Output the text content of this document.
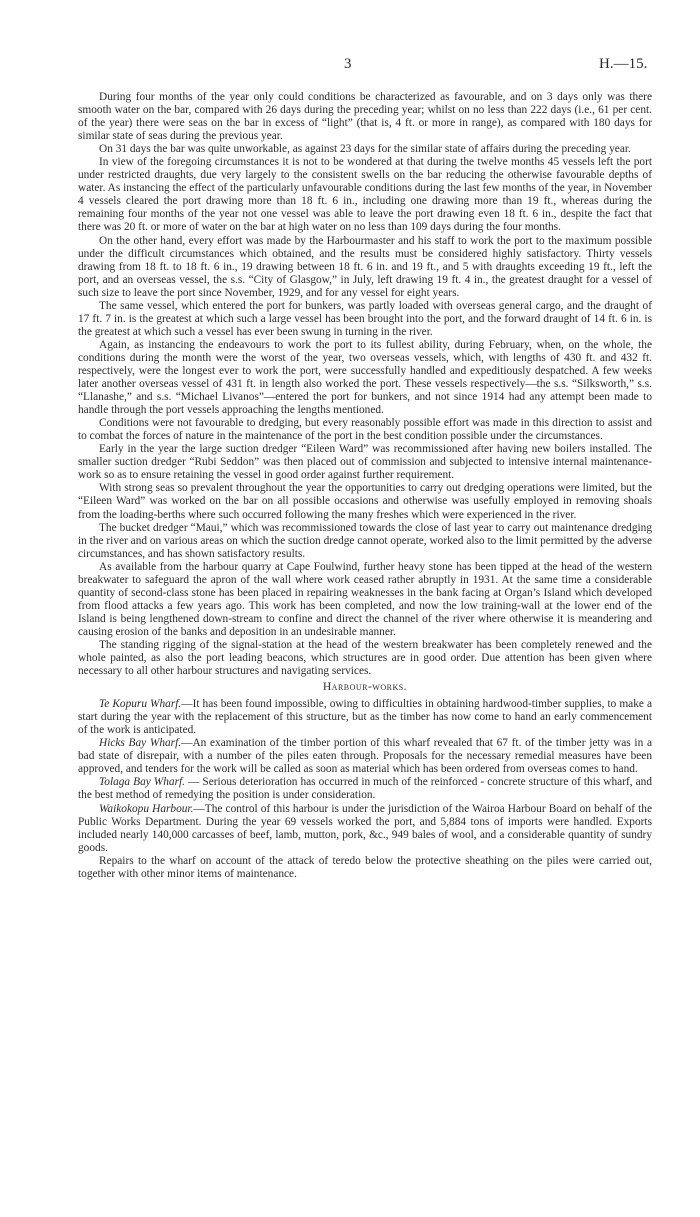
3	H.—15.

During four months of the year only could conditions be characterized as favourable, and on 3 days only was there smooth water on the bar, compared with 26 days during the preceding year; whilst on no less than 222 days (i.e., 61 per cent. of the year) there were seas on the bar in excess of “light” (that is, 4 ft. or more in range), as compared with 180 days for similar state of seas during the previous year.

On 31 days the bar was quite unworkable, as against 23 days for the similar state of affairs during the preceding year.

In view of the foregoing circumstances it is not to be wondered at that during the twelve months 45 vessels left the port under restricted draughts, due very largely to the consistent swells on the bar reducing the otherwise favourable depths of water. As instancing the effect of the particularly unfavourable conditions during the last few months of the year, in November 4 vessels cleared the port drawing more than 18 ft. 6 in., including one drawing more than 19 ft., whereas during the remaining four months of the year not one vessel was able to leave the port drawing even 18 ft. 6 in., despite the fact that there was 20 ft. or more of water on the bar at high water on no less than 109 days during the four months.

On the other hand, every effort was made by the Harbourmaster and his staff to work the port to the maximum possible under the difficult circumstances which obtained, and the results must be considered highly satisfactory. Thirty vessels drawing from 18 ft. to 18 ft. 6 in., 19 drawing between 18 ft. 6 in. and 19 ft., and 5 with draughts exceeding 19 ft., left the port, and an overseas vessel, the s.s. “City of Glasgow,” in July, left drawing 19 ft. 4 in., the greatest draught for a vessel of such size to leave the port since November, 1929, and for any vessel for eight years.

The same vessel, which entered the port for bunkers, was partly loaded with overseas general cargo, and the draught of 17 ft. 7 in. is the greatest at which such a large vessel has been brought into the port, and the forward draught of 14 ft. 6 in. is the greatest at which such a vessel has ever been swung in turning in the river.

Again, as instancing the endeavours to work the port to its fullest ability, during February, when, on the whole, the conditions during the month were the worst of the year, two overseas vessels, which, with lengths of 430 ft. and 432 ft. respectively, were the longest ever to work the port, were successfully handled and expeditiously despatched. A few weeks later another overseas vessel of 431 ft. in length also worked the port. These vessels respectively—the s.s. “Silksworth,” s.s. “Llanashe,” and s.s. “Michael Livanos”—entered the port for bunkers, and not since 1914 had any attempt been made to handle through the port vessels approaching the lengths mentioned.

Conditions were not favourable to dredging, but every reasonably possible effort was made in this direction to assist and to combat the forces of nature in the maintenance of the port in the best condition possible under the circumstances.

Early in the year the large suction dredger “Eileen Ward” was recommissioned after having new boilers installed. The smaller suction dredger “Rubi Seddon” was then placed out of commission and subjected to intensive internal maintenance-work so as to ensure retaining the vessel in good order against further requirement.

With strong seas so prevalent throughout the year the opportunities to carry out dredging operations were limited, but the “Eileen Ward” was worked on the bar on all possible occasions and otherwise was usefully employed in removing shoals from the loading-berths where such occurred following the many freshes which were experienced in the river.

The bucket dredger “Maui,” which was recommissioned towards the close of last year to carry out maintenance dredging in the river and on various areas on which the suction dredge cannot operate, worked also to the limit permitted by the adverse circumstances, and has shown satisfactory results.

As available from the harbour quarry at Cape Foulwind, further heavy stone has been tipped at the head of the western breakwater to safeguard the apron of the wall where work ceased rather abruptly in 1931. At the same time a considerable quantity of second-class stone has been placed in repairing weaknesses in the bank facing at Organ’s Island which developed from flood attacks a few years ago. This work has been completed, and now the low training-wall at the lower end of the Island is being lengthened down-stream to confine and direct the channel of the river where otherwise it is meandering and causing erosion of the banks and deposition in an undesirable manner.

The standing rigging of the signal-station at the head of the western breakwater has been completely renewed and the whole painted, as also the port leading beacons, which structures are in good order. Due attention has been given where necessary to all other harbour structures and navigating services.

Harbour-works.

Te Kopuru Wharf.—It has been found impossible, owing to difficulties in obtaining hardwood-timber supplies, to make a start during the year with the replacement of this structure, but as the timber has now come to hand an early commencement of the work is anticipated.

Hicks Bay Wharf.—An examination of the timber portion of this wharf revealed that 67 ft. of the timber jetty was in a bad state of disrepair, with a number of the piles eaten through. Proposals for the necessary remedial measures have been approved, and tenders for the work will be called as soon as material which has been ordered from overseas comes to hand.

Tolaga Bay Wharf. — Serious deterioration has occurred in much of the reinforced - concrete structure of this wharf, and the best method of remedying the position is under consideration.

Waikokopu Harbour.—The control of this harbour is under the jurisdiction of the Wairoa Harbour Board on behalf of the Public Works Department. During the year 69 vessels worked the port, and 5,884 tons of imports were handled. Exports included nearly 140,000 carcasses of beef, lamb, mutton, pork, &c., 949 bales of wool, and a considerable quantity of sundry goods.

Repairs to the wharf on account of the attack of teredo below the protective sheathing on the piles were carried out, together with other minor items of maintenance.
